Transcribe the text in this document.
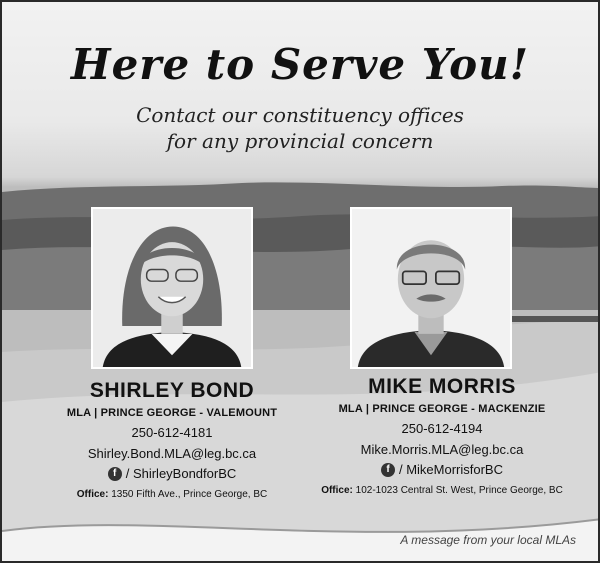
Here to Serve You!
Contact our constituency offices
for any provincial concern
SHIRLEY BOND
MLA | PRINCE GEORGE - VALEMOUNT
250-612-4181
Shirley.Bond.MLA@leg.bc.ca
f / ShirleyBondforBC
Office: 1350 Fifth Ave., Prince George, BC
MIKE MORRIS
MLA | PRINCE GEORGE - MACKENZIE
250-612-4194
Mike.Morris.MLA@leg.bc.ca
f / MikeMorrisforBC
Office: 102-1023 Central St. West, Prince George, BC
A message from your local MLAs
